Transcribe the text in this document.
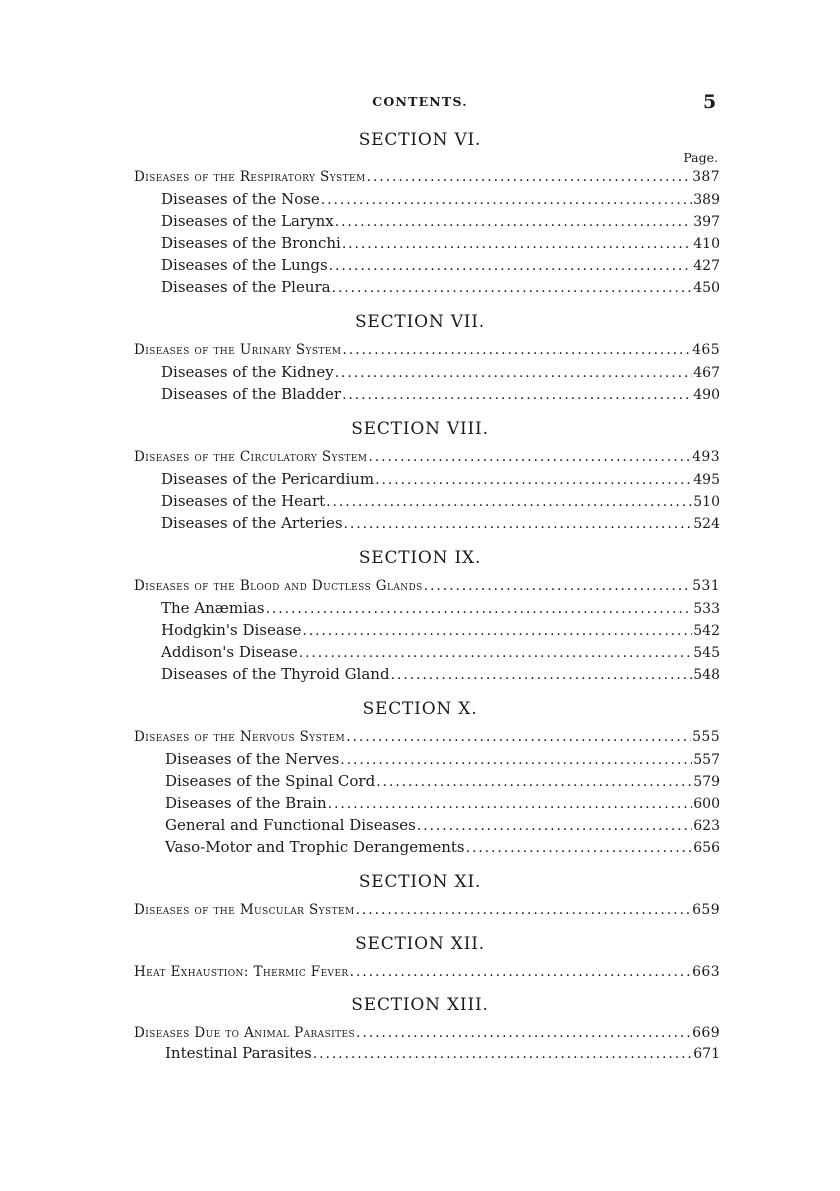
CONTENTS.	5
SECTION VI.
Page.
Diseases of the Respiratory System .....	387
Diseases of the Nose .....	389
Diseases of the Larynx .....	397
Diseases of the Bronchi .....	410
Diseases of the Lungs .....	427
Diseases of the Pleura .....	450
SECTION VII.
Diseases of the Urinary System .....	465
Diseases of the Kidney .....	467
Diseases of the Bladder .....	490
SECTION VIII.
Diseases of the Circulatory System .....	493
Diseases of the Pericardium .....	495
Diseases of the Heart .....	510
Diseases of the Arteries .....	524
SECTION IX.
Diseases of the Blood and Ductless Glands .....	531
The Anæmias .....	533
Hodgkin's Disease .....	542
Addison's Disease .....	545
Diseases of the Thyroid Gland .....	548
SECTION X.
Diseases of the Nervous System .....	555
Diseases of the Nerves .....	557
Diseases of the Spinal Cord .....	579
Diseases of the Brain .....	600
General and Functional Diseases .....	623
Vaso-Motor and Trophic Derangements .....	656
SECTION XI.
Diseases of the Muscular System .....	659
SECTION XII.
Heat Exhaustion: Thermic Fever .....	663
SECTION XIII.
Diseases Due to Animal Parasites .....	669
Intestinal Parasites .....	671
